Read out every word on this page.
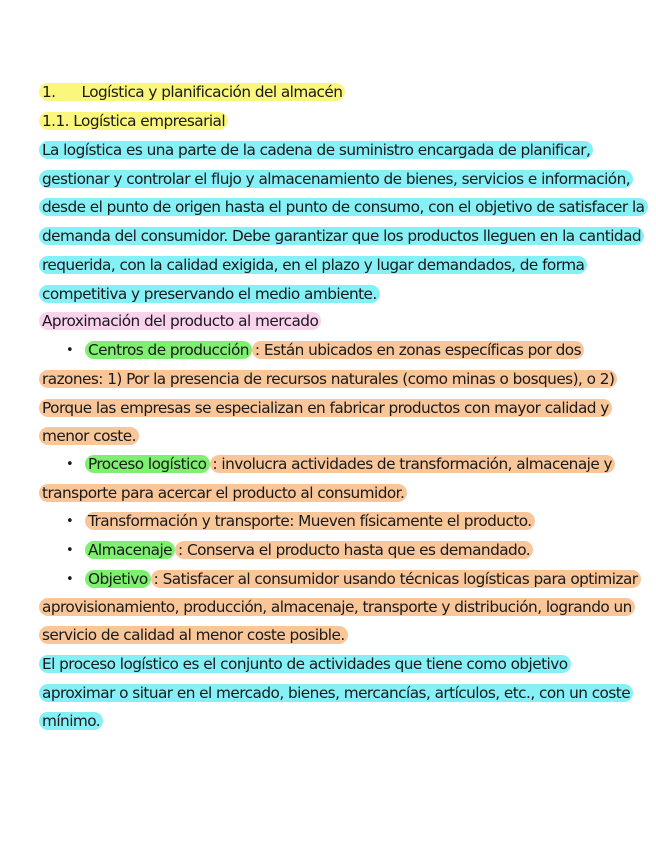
1. Logística y planificación del almacén
1.1. Logística empresarial
La logística es una parte de la cadena de suministro encargada de planificar,
gestionar y controlar el flujo y almacenamiento de bienes, servicios e información,
desde el punto de origen hasta el punto de consumo, con el objetivo de satisfacer la
demanda del consumidor. Debe garantizar que los productos lleguen en la cantidad
requerida, con la calidad exigida, en el plazo y lugar demandados, de forma
competitiva y preservando el medio ambiente.
Aproximación del producto al mercado
• Centros de producción : Están ubicados en zonas específicas por dos
razones: 1) Por la presencia de recursos naturales (como minas o bosques), o 2)
Porque las empresas se especializan en fabricar productos con mayor calidad y
menor coste.
• Proceso logístico : involucra actividades de transformación, almacenaje y
transporte para acercar el producto al consumidor.
• Transformación y transporte: Mueven físicamente el producto.
• Almacenaje : Conserva el producto hasta que es demandado.
• Objetivo : Satisfacer al consumidor usando técnicas logísticas para optimizar
aprovisionamiento, producción, almacenaje, transporte y distribución, logrando un
servicio de calidad al menor coste posible.
El proceso logístico es el conjunto de actividades que tiene como objetivo
aproximar o situar en el mercado, bienes, mercancías, artículos, etc., con un coste
mínimo.
